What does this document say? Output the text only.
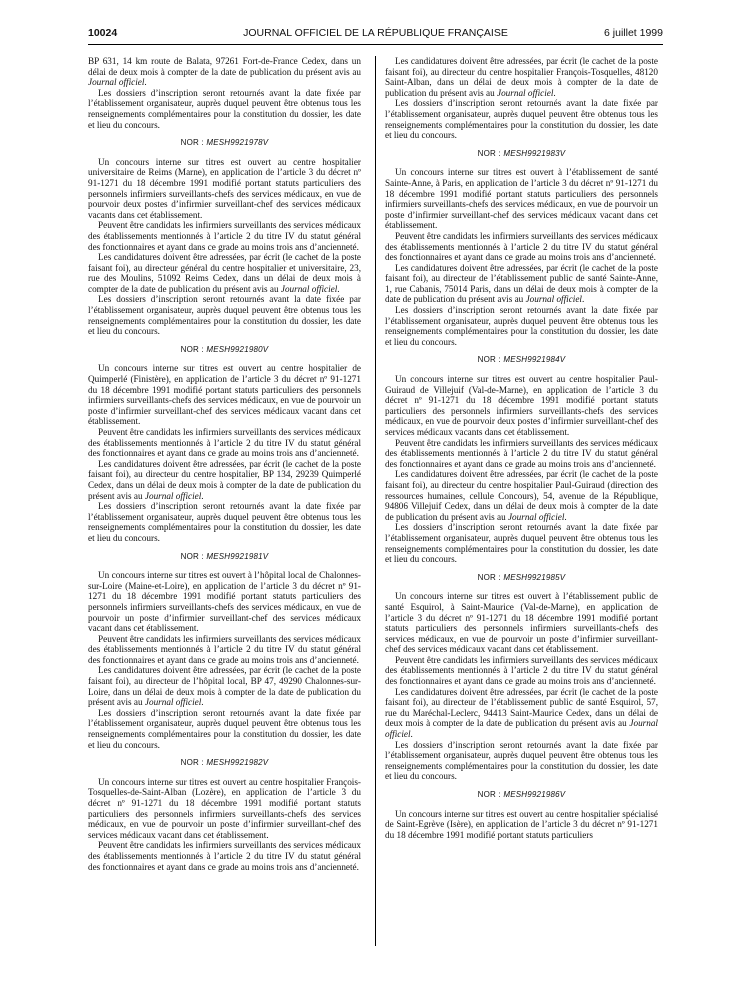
JOURNAL OFFICIEL DE LA RÉPUBLIQUE FRANÇAISE
10024	6 juillet 1999

BP 631, 14 km route de Balata, 97261 Fort-de-France Cedex, dans un délai de deux mois à compter de la date de publication du présent avis au Journal officiel.

Les dossiers d’inscription seront retournés avant la date fixée par l’établissement organisateur, auprès duquel peuvent être obtenus tous les renseignements complémentaires pour la constitution du dossier, les date et lieu du concours.

NOR : MESH9921978V

Un concours interne sur titres est ouvert au centre hospitalier universitaire de Reims (Marne), en application de l’article 3 du décret nº 91-1271 du 18 décembre 1991 modifié portant statuts particuliers des personnels infirmiers surveillants-chefs des services médicaux, en vue de pourvoir deux postes d’infirmier surveillant-chef des services médicaux vacants dans cet établissement.

Peuvent être candidats les infirmiers surveillants des services médicaux des établissements mentionnés à l’article 2 du titre IV du statut général des fonctionnaires et ayant dans ce grade au moins trois ans d’ancienneté.

Les candidatures doivent être adressées, par écrit (le cachet de la poste faisant foi), au directeur général du centre hospitalier et universitaire, 23, rue des Moulins, 51092 Reims Cedex, dans un délai de deux mois à compter de la date de publication du présent avis au Journal officiel.

Les dossiers d’inscription seront retournés avant la date fixée par l’établissement organisateur, auprès duquel peuvent être obtenus tous les renseignements complémentaires pour la constitution du dossier, les date et lieu du concours.

NOR : MESH9921980V

Un concours interne sur titres est ouvert au centre hospitalier de Quimperlé (Finistère), en application de l’article 3 du décret nº 91-1271 du 18 décembre 1991 modifié portant statuts particuliers des personnels infirmiers surveillants-chefs des services médicaux, en vue de pourvoir un poste d’infirmier surveillant-chef des services médicaux vacant dans cet établissement.

Peuvent être candidats les infirmiers surveillants des services médicaux des établissements mentionnés à l’article 2 du titre IV du statut général des fonctionnaires et ayant dans ce grade au moins trois ans d’ancienneté.

Les candidatures doivent être adressées, par écrit (le cachet de la poste faisant foi), au directeur du centre hospitalier, BP 134, 29239 Quimperlé Cedex, dans un délai de deux mois à compter de la date de publication du présent avis au Journal officiel.

Les dossiers d’inscription seront retournés avant la date fixée par l’établissement organisateur, auprès duquel peuvent être obtenus tous les renseignements complémentaires pour la constitution du dossier, les date et lieu du concours.

NOR : MESH9921981V

Un concours interne sur titres est ouvert à l’hôpital local de Chalonnes-sur-Loire (Maine-et-Loire), en application de l’article 3 du décret nº 91-1271 du 18 décembre 1991 modifié portant statuts particuliers des personnels infirmiers surveillants-chefs des services médicaux, en vue de pourvoir un poste d’infirmier surveillant-chef des services médicaux vacant dans cet établissement.

Peuvent être candidats les infirmiers surveillants des services médicaux des établissements mentionnés à l’article 2 du titre IV du statut général des fonctionnaires et ayant dans ce grade au moins trois ans d’ancienneté.

Les candidatures doivent être adressées, par écrit (le cachet de la poste faisant foi), au directeur de l’hôpital local, BP 47, 49290 Chalonnes-sur-Loire, dans un délai de deux mois à compter de la date de publication du présent avis au Journal officiel.

Les dossiers d’inscription seront retournés avant la date fixée par l’établissement organisateur, auprès duquel peuvent être obtenus tous les renseignements complémentaires pour la constitution du dossier, les date et lieu du concours.

NOR : MESH9921982V

Un concours interne sur titres est ouvert au centre hospitalier François-Tosquelles-de-Saint-Alban (Lozère), en application de l’article 3 du décret nº 91-1271 du 18 décembre 1991 modifié portant statuts particuliers des personnels infirmiers surveillants-chefs des services médicaux, en vue de pourvoir un poste d’infirmier surveillant-chef des services médicaux vacant dans cet établissement.

Peuvent être candidats les infirmiers surveillants des services médicaux des établissements mentionnés à l’article 2 du titre IV du statut général des fonctionnaires et ayant dans ce grade au moins trois ans d’ancienneté.

Les candidatures doivent être adressées, par écrit (le cachet de la poste faisant foi), au directeur du centre hospitalier François-Tosquelles, 48120 Saint-Alban, dans un délai de deux mois à compter de la date de publication du présent avis au Journal officiel.

Les dossiers d’inscription seront retournés avant la date fixée par l’établissement organisateur, auprès duquel peuvent être obtenus tous les renseignements complémentaires pour la constitution du dossier, les date et lieu du concours.

NOR : MESH9921983V

Un concours interne sur titres est ouvert à l’établissement de santé Sainte-Anne, à Paris, en application de l’article 3 du décret nº 91-1271 du 18 décembre 1991 modifié portant statuts particuliers des personnels infirmiers surveillants-chefs des services médicaux, en vue de pourvoir un poste d’infirmier surveillant-chef des services médicaux vacant dans cet établissement.

Peuvent être candidats les infirmiers surveillants des services médicaux des établissements mentionnés à l’article 2 du titre IV du statut général des fonctionnaires et ayant dans ce grade au moins trois ans d’ancienneté.

Les candidatures doivent être adressées, par écrit (le cachet de la poste faisant foi), au directeur de l’établissement public de santé Sainte-Anne, 1, rue Cabanis, 75014 Paris, dans un délai de deux mois à compter de la date de publication du présent avis au Journal officiel.

Les dossiers d’inscription seront retournés avant la date fixée par l’établissement organisateur, auprès duquel peuvent être obtenus tous les renseignements complémentaires pour la constitution du dossier, les date et lieu du concours.

NOR : MESH9921984V

Un concours interne sur titres est ouvert au centre hospitalier Paul-Guiraud de Villejuif (Val-de-Marne), en application de l’article 3 du décret nº 91-1271 du 18 décembre 1991 modifié portant statuts particuliers des personnels infirmiers surveillants-chefs des services médicaux, en vue de pourvoir deux postes d’infirmier surveillant-chef des services médicaux vacants dans cet établissement.

Peuvent être candidats les infirmiers surveillants des services médicaux des établissements mentionnés à l’article 2 du titre IV du statut général des fonctionnaires et ayant dans ce grade au moins trois ans d’ancienneté.

Les candidatures doivent être adressées, par écrit (le cachet de la poste faisant foi), au directeur du centre hospitalier Paul-Guiraud (direction des ressources humaines, cellule Concours), 54, avenue de la République, 94806 Villejuif Cedex, dans un délai de deux mois à compter de la date de publication du présent avis au Journal officiel.

Les dossiers d’inscription seront retournés avant la date fixée par l’établissement organisateur, auprès duquel peuvent être obtenus tous les renseignements complémentaires pour la constitution du dossier, les date et lieu du concours.

NOR : MESH9921985V

Un concours interne sur titres est ouvert à l’établissement public de santé Esquirol, à Saint-Maurice (Val-de-Marne), en application de l’article 3 du décret nº 91-1271 du 18 décembre 1991 modifié portant statuts particuliers des personnels infirmiers surveillants-chefs des services médicaux, en vue de pourvoir un poste d’infirmier surveillant-chef des services médicaux vacant dans cet établissement.

Peuvent être candidats les infirmiers surveillants des services médicaux des établissements mentionnés à l’article 2 du titre IV du statut général des fonctionnaires et ayant dans ce grade au moins trois ans d’ancienneté.

Les candidatures doivent être adressées, par écrit (le cachet de la poste faisant foi), au directeur de l’établissement public de santé Esquirol, 57, rue du Maréchal-Leclerc, 94413 Saint-Maurice Cedex, dans un délai de deux mois à compter de la date de publication du présent avis au Journal officiel.

Les dossiers d’inscription seront retournés avant la date fixée par l’établissement organisateur, auprès duquel peuvent être obtenus tous les renseignements complémentaires pour la constitution du dossier, les date et lieu du concours.

NOR : MESH9921986V

Un concours interne sur titres est ouvert au centre hospitalier spécialisé de Saint-Egrève (Isère), en application de l’article 3 du décret nº 91-1271 du 18 décembre 1991 modifié portant statuts particuliers
